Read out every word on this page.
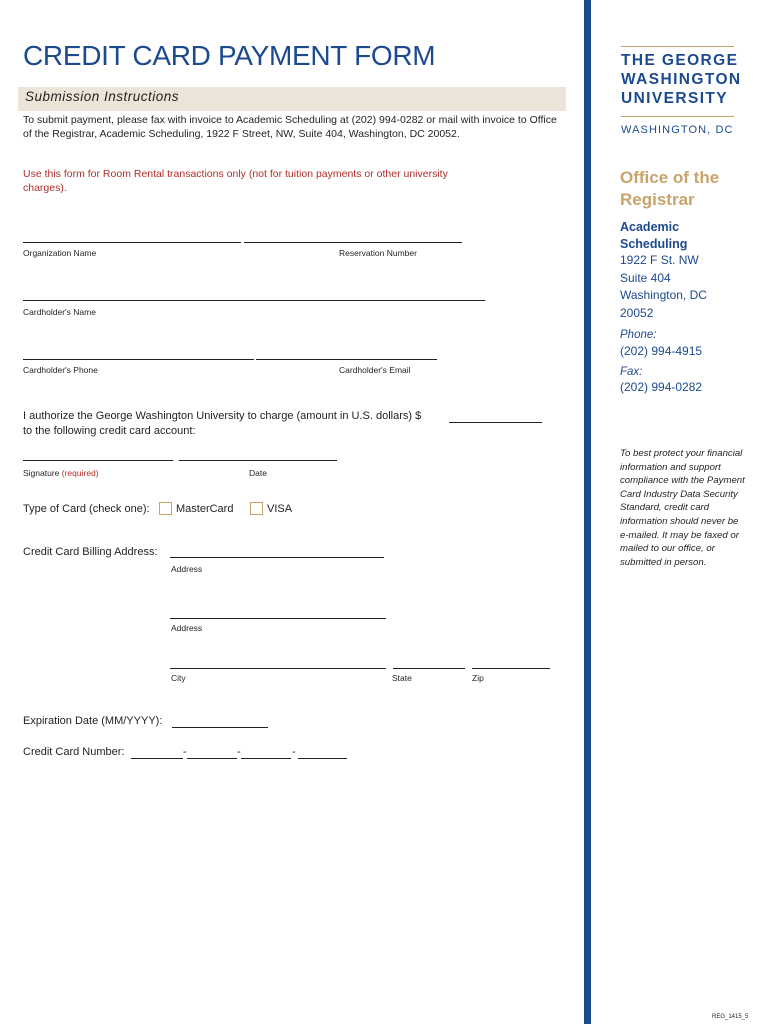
CREDIT CARD PAYMENT FORM
Submission Instructions
To submit payment, please fax with invoice to Academic Scheduling at (202) 994-0282 or mail with invoice to Office of the Registrar, Academic Scheduling, 1922 F Street, NW, Suite 404, Washington, DC 20052.
Use this form for Room Rental transactions only (not for tuition payments or other university charges).
Organization Name	Reservation Number
Cardholder's Name
Cardholder's Phone	Cardholder's Email
I authorize the George Washington University to charge (amount in U.S. dollars) $
to the following credit card account:
Signature (required)	Date
Type of Card (check one): MasterCard	VISA
Credit Card Billing Address:
Address
Address
City	State	Zip
Expiration Date (MM/YYYY):
Credit Card Number:	-	-	-
THE GEORGE
WASHINGTON
UNIVERSITY
WASHINGTON, DC
Office of the
Registrar
Academic
Scheduling
1922 F St. NW
Suite 404
Washington, DC
20052
Phone:
(202) 994-4915
Fax:
(202) 994-0282
To best protect your financial information and support compliance with the Payment Card Industry Data Security Standard, credit card information should never be e-mailed. It may be faxed or mailed to our office, or submitted in person.
REG_1415_5
